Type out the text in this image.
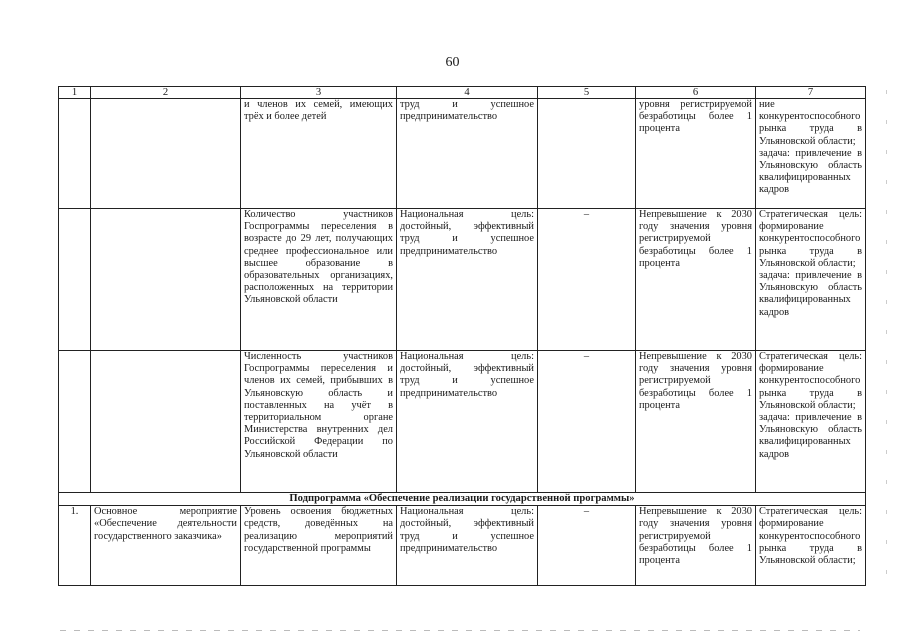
60
1	2	3	4	5	6	7

		и членов их семей, имеющих трёх и более детей	труд и успешное предпринимательство		уровня регистрируемой безработицы более 1 процента	ние конкурентоспособного рынка труда в Ульяновской области;
задача: привлечение в Ульяновскую область квалифицированных кадров

		Количество участников Госпрограммы переселения в возрасте до 29 лет, получающих среднее профессиональное или высшее образование в образовательных организациях, расположенных на территории Ульяновской области	Национальная цель: достойный, эффективный труд и успешное предпринимательство	–	Непревышение к 2030 году значения уровня регистрируемой безработицы более 1 процента	Стратегическая цель: формирование конкурентоспособного рынка труда в Ульяновской области;
задача: привлечение в Ульяновскую область квалифицированных кадров

		Численность участников Госпрограммы переселения и членов их семей, прибывших в Ульяновскую область и поставленных на учёт в территориальном органе Министерства внутренних дел Российской Федерации по Ульяновской области	Национальная цель: достойный, эффективный труд и успешное предпринимательство	–	Непревышение к 2030 году значения уровня регистрируемой безработицы более 1 процента	Стратегическая цель: формирование конкурентоспособного рынка труда в Ульяновской области;
задача: привлечение в Ульяновскую область квалифицированных кадров

Подпрограмма «Обеспечение реализации государственной программы»						
1.	Основное мероприятие «Обеспечение деятельности государственного заказчика»	Уровень освоения бюджетных средств, доведённых на реализацию мероприятий государственной программы	Национальная цель: достойный, эффективный труд и успешное предпринимательство	–	Непревышение к 2030 году значения уровня регистрируемой безработицы более 1 процента	Стратегическая цель: формирование конкурентоспособного рынка труда в Ульяновской области;
